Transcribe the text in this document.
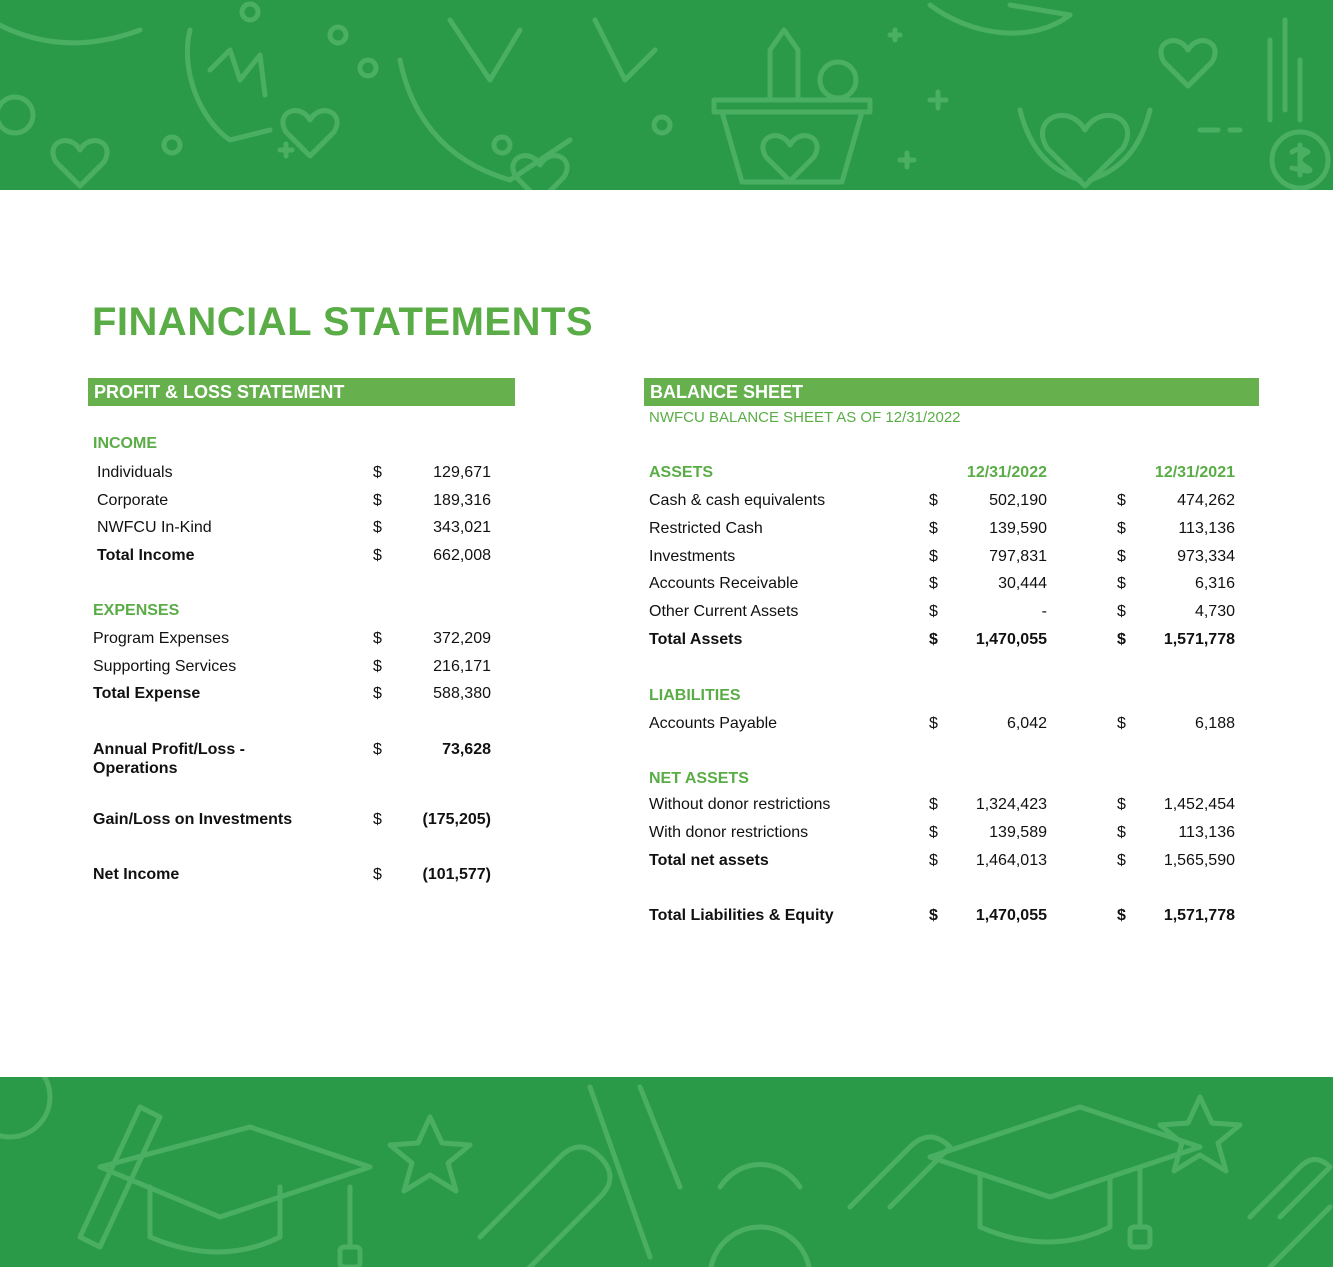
FINANCIAL STATEMENTS
PROFIT & LOSS STATEMENT
INCOME
Individuals	$	129,671
Corporate	$	189,316
NWFCU In-Kind	$	343,021
Total Income	$	662,008
EXPENSES
Program Expenses	$	372,209
Supporting Services	$	216,171
Total Expense	$	588,380
Annual Profit/Loss -	$	73,628
Operations
Gain/Loss on Investments	$	(175,205)
Net Income	$	(101,577)
BALANCE SHEET
NWFCU BALANCE SHEET AS OF 12/31/2022
ASSETS	12/31/2022	12/31/2021
Cash & cash equivalents	$	502,190	$	474,262
Restricted Cash	$	139,590	$	113,136
Investments	$	797,831	$	973,334
Accounts Receivable	$	30,444	$	6,316
Other Current Assets	$	-	$	4,730
Total Assets	$	1,470,055	$	1,571,778
LIABILITIES
Accounts Payable	$	6,042	$	6,188
NET ASSETS
Without donor restrictions	$	1,324,423	$	1,452,454
With donor restrictions	$	139,589	$	113,136
Total net assets	$	1,464,013	$	1,565,590
Total Liabilities & Equity	$	1,470,055	$	1,571,778
